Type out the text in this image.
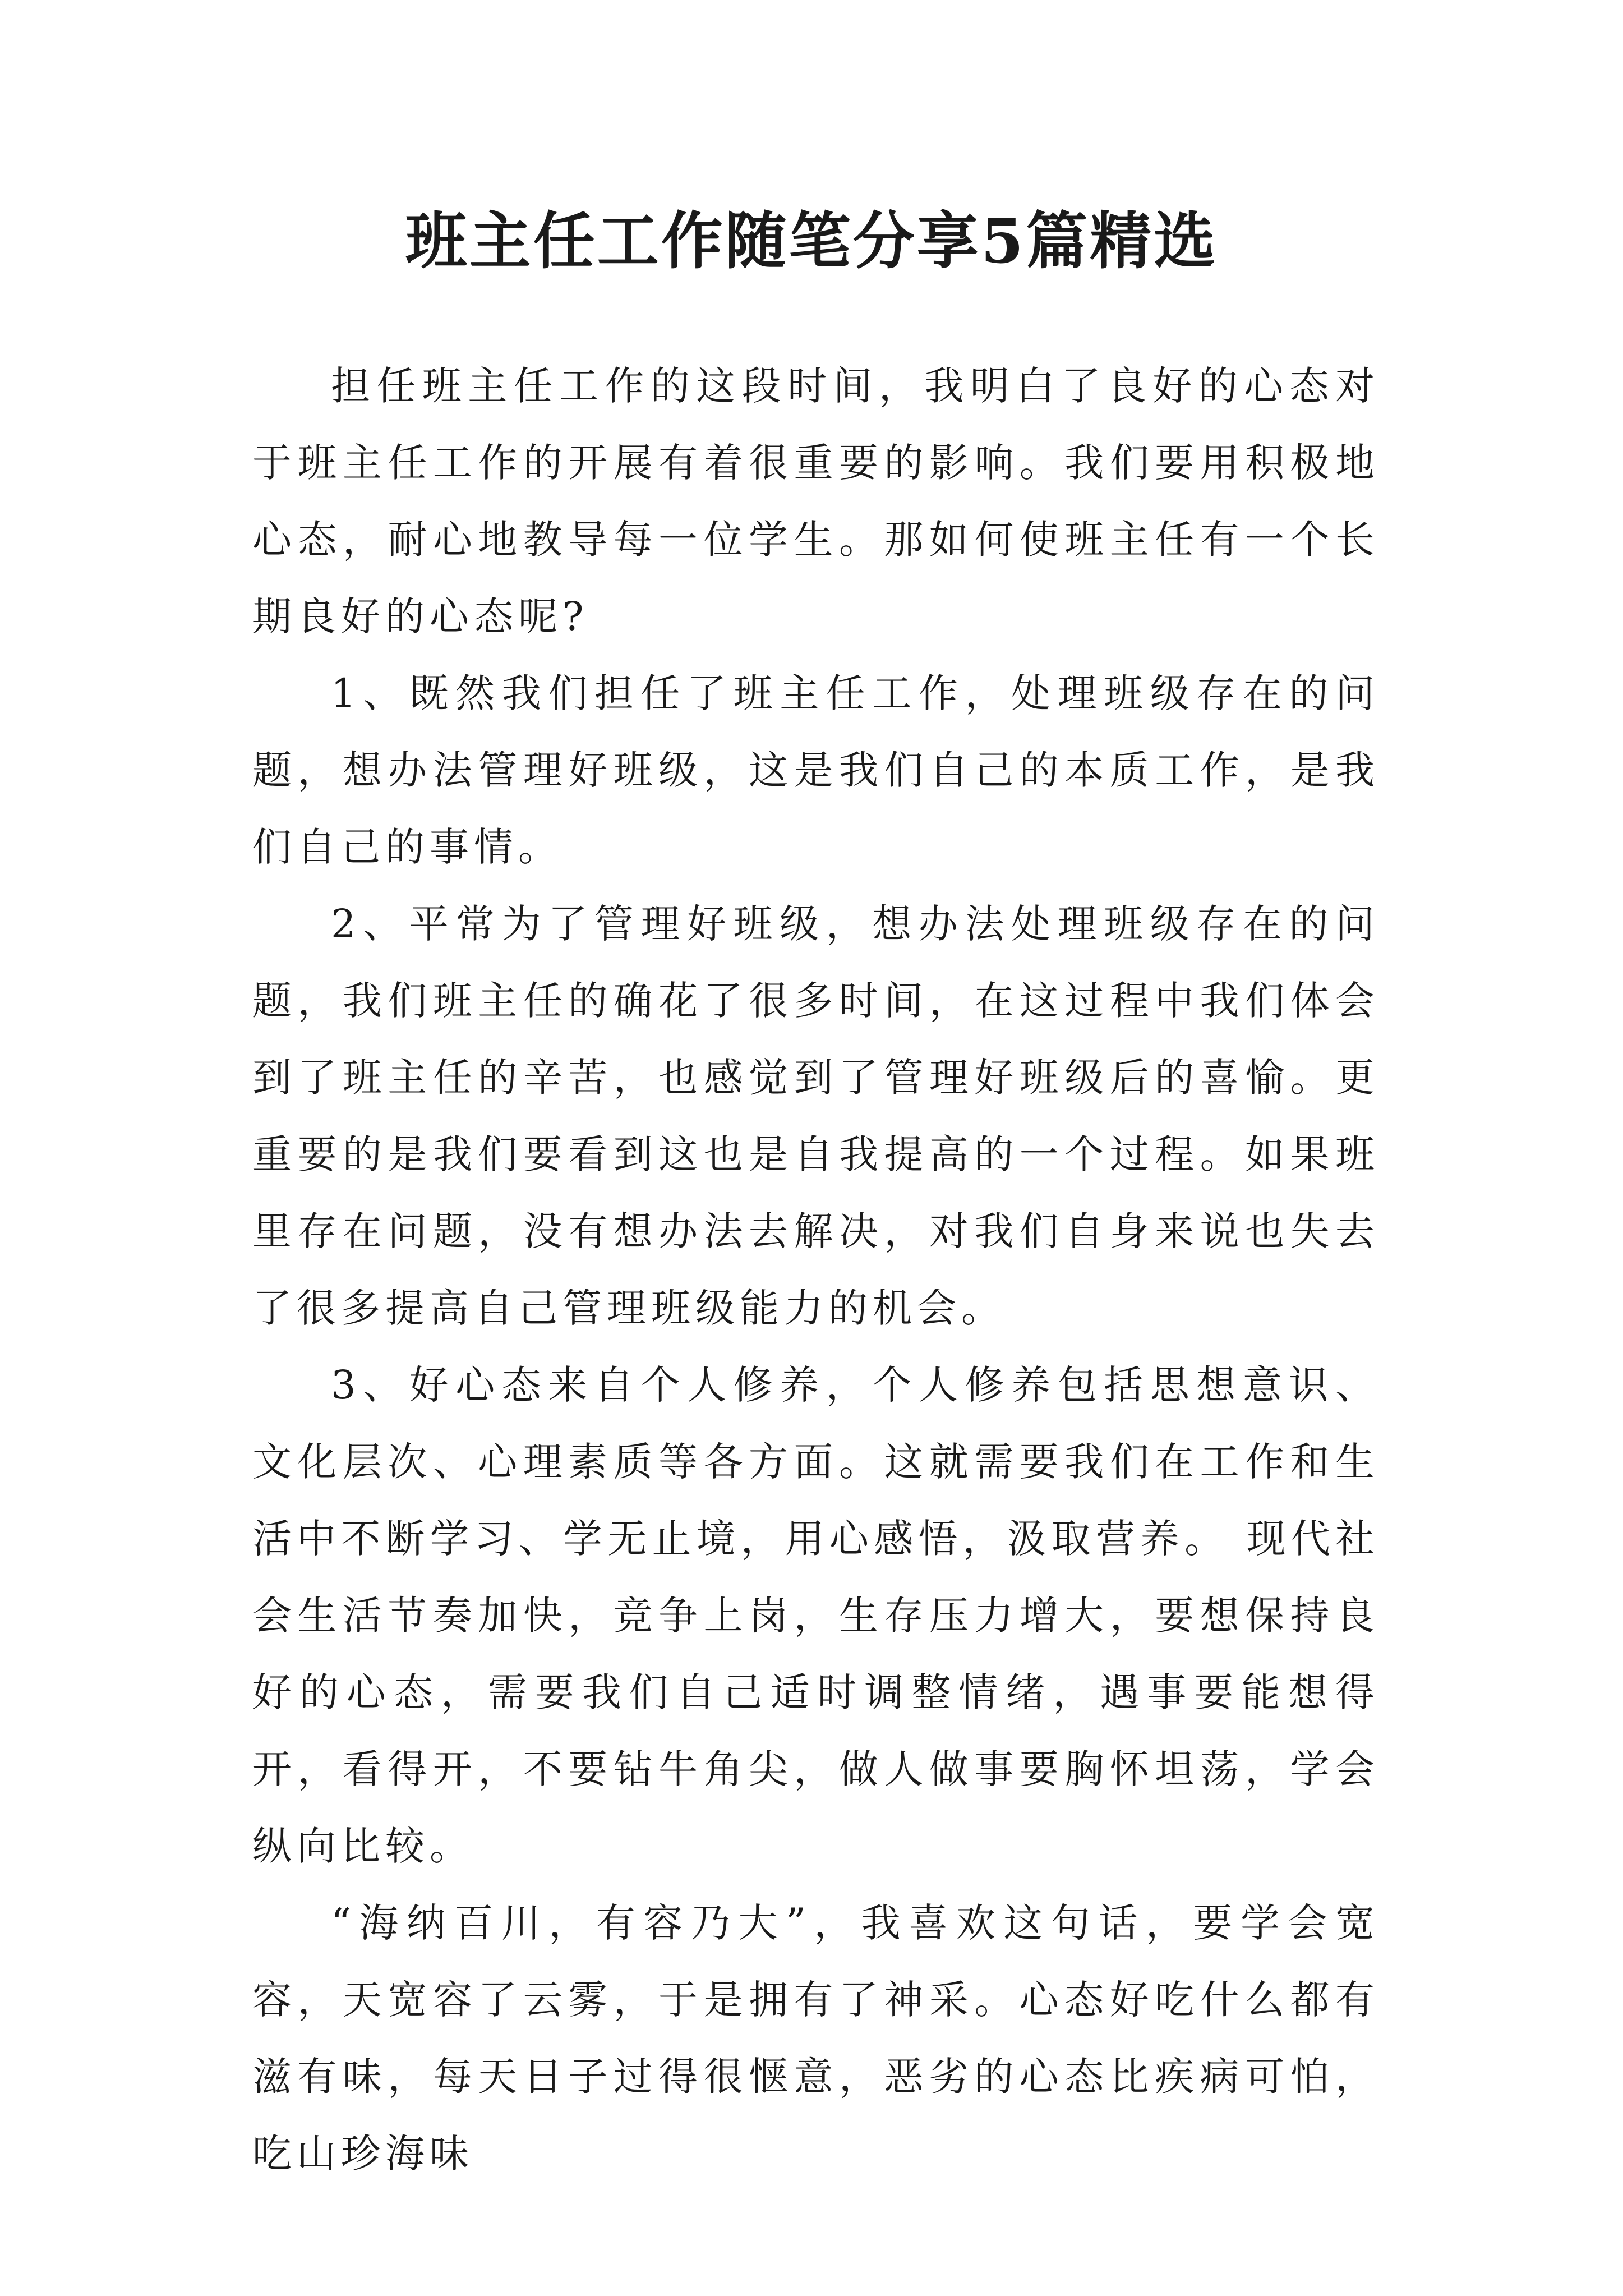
班主任工作随笔分享5篇精选

担任班主任工作的这段时间，我明白了良好的心态对于班主任工作的开展有着很重要的影响。我们要用积极地心态，耐心地教导每一位学生。那如何使班主任有一个长期良好的心态呢?

1、既然我们担任了班主任工作，处理班级存在的问题，想办法管理好班级，这是我们自己的本质工作，是我们自己的事情。

2、平常为了管理好班级，想办法处理班级存在的问题，我们班主任的确花了很多时间，在这过程中我们体会到了班主任的辛苦，也感觉到了管理好班级后的喜愉。更重要的是我们要看到这也是自我提高的一个过程。如果班里存在问题，没有想办法去解决，对我们自身来说也失去了很多提高自己管理班级能力的机会。

3、好心态来自个人修养，个人修养包括思想意识、文化层次、心理素质等各方面。这就需要我们在工作和生活中不断学习、学无止境，用心感悟，汲取营养。 现代社会生活节奏加快，竞争上岗，生存压力增大，要想保持良好的心态，需要我们自己适时调整情绪，遇事要能想得开，看得开，不要钻牛角尖，做人做事要胸怀坦荡，学会纵向比较。

“海纳百川，有容乃大”，我喜欢这句话，要学会宽容，天宽容了云雾，于是拥有了神采。心态好吃什么都有滋有味，每天日子过得很惬意，恶劣的心态比疾病可怕，吃山珍海味
